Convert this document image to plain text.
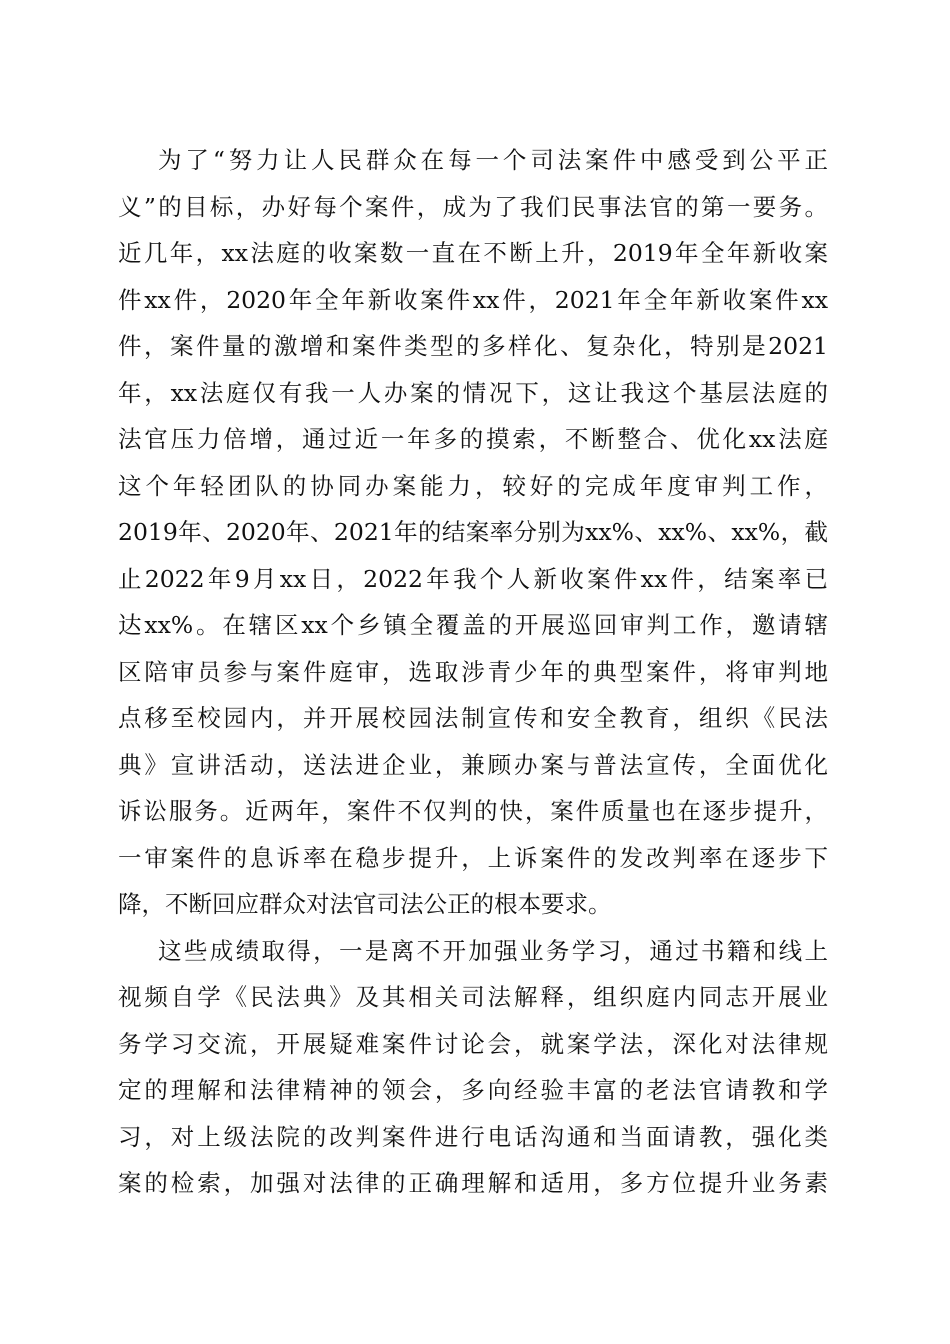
为了“努力让人民群众在每一个司法案件中感受到公平正
义”的目标，办好每个案件，成为了我们民事法官的第一要务。
近几年，xx法庭的收案数一直在不断上升，2019年全年新收案
件xx件，2020年全年新收案件xx件，2021年全年新收案件xx
件，案件量的激增和案件类型的多样化、复杂化，特别是2021
年，xx法庭仅有我一人办案的情况下，这让我这个基层法庭的
法官压力倍增，通过近一年多的摸索，不断整合、优化xx法庭
这个年轻团队的协同办案能力，较好的完成年度审判工作，
2019年、2020年、2021年的结案率分别为xx%、xx%、xx%，截
止2022年9月xx日，2022年我个人新收案件xx件，结案率已
达xx%。在辖区xx个乡镇全覆盖的开展巡回审判工作，邀请辖
区陪审员参与案件庭审，选取涉青少年的典型案件，将审判地
点移至校园内，并开展校园法制宣传和安全教育，组织《民法
典》宣讲活动，送法进企业，兼顾办案与普法宣传，全面优化
诉讼服务。近两年，案件不仅判的快，案件质量也在逐步提升，
一审案件的息诉率在稳步提升，上诉案件的发改判率在逐步下
降，不断回应群众对法官司法公正的根本要求。
这些成绩取得，一是离不开加强业务学习，通过书籍和线上
视频自学《民法典》及其相关司法解释，组织庭内同志开展业
务学习交流，开展疑难案件讨论会，就案学法，深化对法律规
定的理解和法律精神的领会，多向经验丰富的老法官请教和学
习，对上级法院的改判案件进行电话沟通和当面请教，强化类
案的检索，加强对法律的正确理解和适用，多方位提升业务素
